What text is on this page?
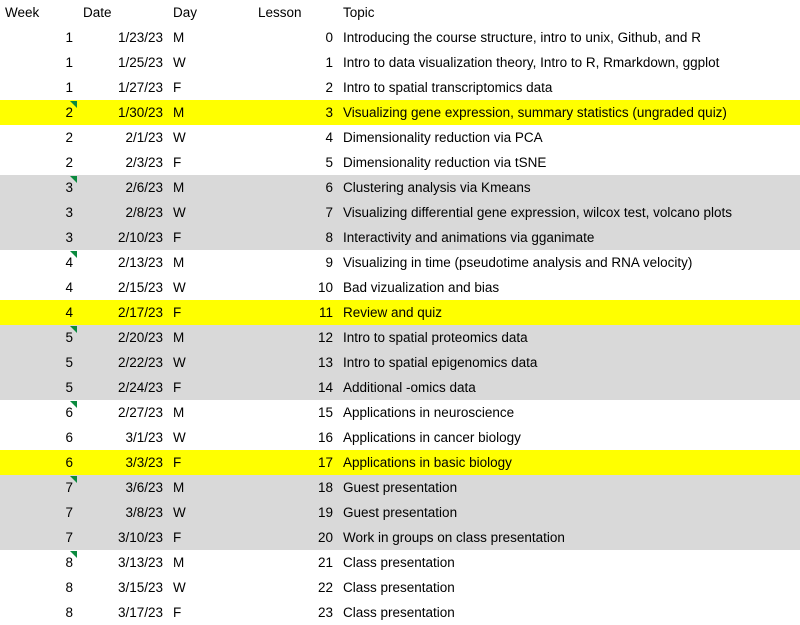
Week	Date	Day	Lesson	Topic
1	1/23/23	M	0	Introducing the course structure, intro to unix, Github, and R
1	1/25/23	W	1	Intro to data visualization theory, Intro to R, Rmarkdown, ggplot
1	1/27/23	F	2	Intro to spatial transcriptomics data
2	1/30/23	M	3	Visualizing gene expression, summary statistics (ungraded quiz)
2	2/1/23	W	4	Dimensionality reduction via PCA
2	2/3/23	F	5	Dimensionality reduction via tSNE
3	2/6/23	M	6	Clustering analysis via Kmeans
3	2/8/23	W	7	Visualizing differential gene expression, wilcox test, volcano plots
3	2/10/23	F	8	Interactivity and animations via gganimate
4	2/13/23	M	9	Visualizing in time (pseudotime analysis and RNA velocity)
4	2/15/23	W	10	Bad vizualization and bias
4	2/17/23	F	11	Review and quiz
5	2/20/23	M	12	Intro to spatial proteomics data
5	2/22/23	W	13	Intro to spatial epigenomics data
5	2/24/23	F	14	Additional -omics data
6	2/27/23	M	15	Applications in neuroscience
6	3/1/23	W	16	Applications in cancer biology
6	3/3/23	F	17	Applications in basic biology
7	3/6/23	M	18	Guest presentation
7	3/8/23	W	19	Guest presentation
7	3/10/23	F	20	Work in groups on class presentation
8	3/13/23	M	21	Class presentation
8	3/15/23	W	22	Class presentation
8	3/17/23	F	23	Class presentation
